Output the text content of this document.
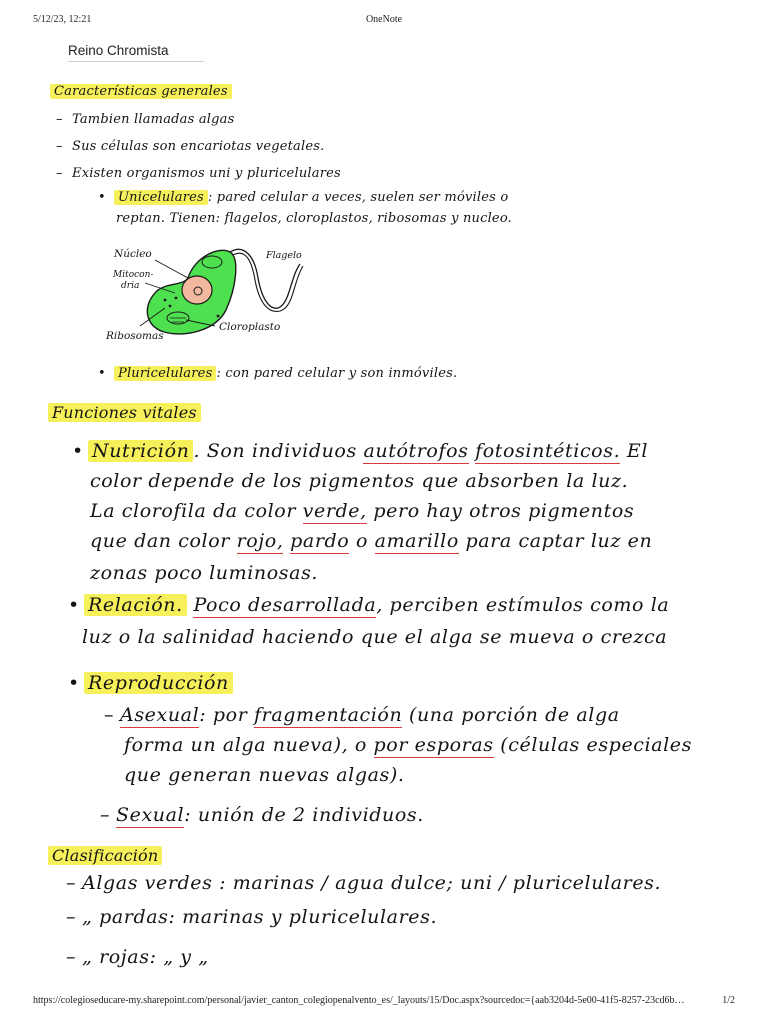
5/12/23, 12:21	OneNote
Reino Chromista
Características generales
– Tambien llamadas algas
– Sus células son encariotas vegetales.
– Existen organismos uni y pluricelulares
• Unicelulares : pared celular a veces, suelen ser móviles o
reptan. Tienen: flagelos, cloroplastos, ribosomas y nucleo.
Núcleo
Mitocon-
dria
Ribosomas
Flagelo
Cloroplasto
• Pluricelulares : con pared celular y son inmóviles.
Funciones vitales
• Nutrición . Son individuos autótrofos fotosintéticos. El
color depende de los pigmentos que absorben la luz.
La clorofila da color verde, pero hay otros pigmentos
que dan color rojo, pardo o amarillo para captar luz en
zonas poco luminosas.
• Relación. Poco desarrollada, perciben estímulos como la
luz o la salinidad haciendo que el alga se mueva o crezca
• Reproducción
– Asexual: por fragmentación (una porción de alga
forma un alga nueva), o por esporas (células especiales
que generan nuevas algas).
– Sexual: unión de 2 individuos.
Clasificación
– Algas verdes : marinas / agua dulce; uni / pluricelulares.
– „ pardas: marinas y pluricelulares.
– „ rojas: „ y „
https://colegioseducare-my.sharepoint.com/personal/javier_canton_colegiopenalvento_es/_layouts/15/Doc.aspx?sourcedoc={aab3204d-5e00-41f5-8257-23cd6b…	1/2
